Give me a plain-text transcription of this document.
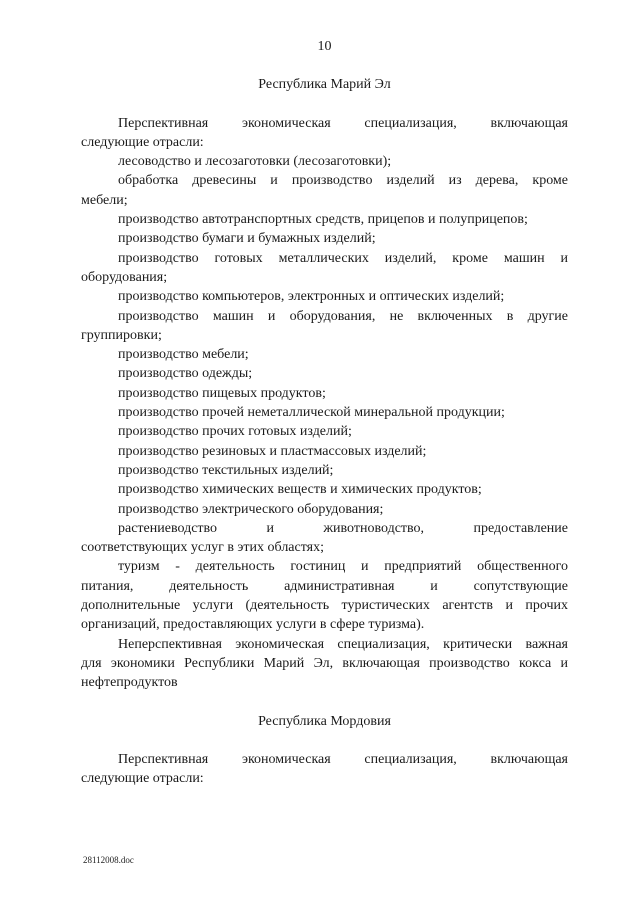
10
Республика Марий Эл

Перспективная экономическая специализация, включающая
следующие отрасли:

лесоводство и лесозаготовки (лесозаготовки);

обработка древесины и производство изделий из дерева, кроме
мебели;

производство автотранспортных средств, прицепов и полуприцепов;

производство бумаги и бумажных изделий;

производство готовых металлических изделий, кроме машин и
оборудования;

производство компьютеров, электронных и оптических изделий;

производство машин и оборудования, не включенных в другие
группировки;

производство мебели;

производство одежды;

производство пищевых продуктов;

производство прочей неметаллической минеральной продукции;

производство прочих готовых изделий;

производство резиновых и пластмассовых изделий;

производство текстильных изделий;

производство химических веществ и химических продуктов;

производство электрического оборудования;

растениеводство и животноводство, предоставление
соответствующих услуг в этих областях;

туризм - деятельность гостиниц и предприятий общественного
питания, деятельность административная и сопутствующие
дополнительные услуги (деятельность туристических агентств и прочих
организаций, предоставляющих услуги в сфере туризма).

Неперспективная экономическая специализация, критически важная
для экономики Республики Марий Эл, включающая производство кокса и
нефтепродуктов

Республика Мордовия

Перспективная экономическая специализация, включающая
следующие отрасли:

28112008.doc
